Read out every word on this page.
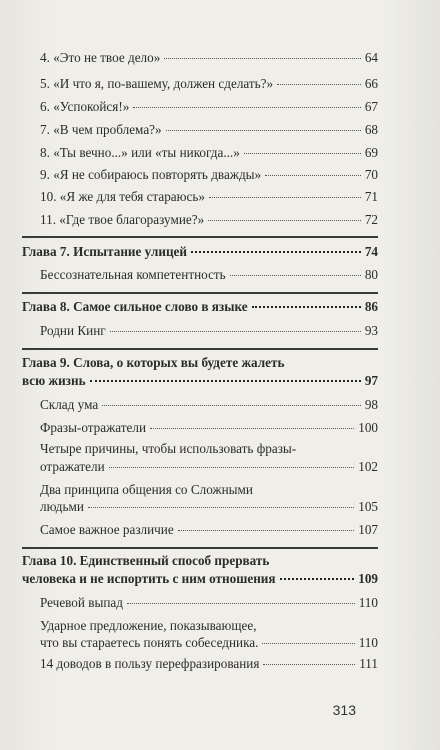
4. «Это не твое дело»	64
5. «И что я, по-вашему, должен сделать?»	66
6. «Успокойся!»	67
7. «В чем проблема?»	68
8. «Ты вечно...» или «ты никогда...»	69
9. «Я не собираюсь повторять дважды»	70
10. «Я же для тебя стараюсь»	71
11. «Где твое благоразумие?»	72
Глава 7. Испытание улицей	74
Бессознательная компетентность	80
Глава 8. Самое сильное слово в языке	86
Родни Кинг	93
Глава 9. Слова, о которых вы будете жалеть
всю жизнь	97
Склад ума	98
Фразы-отражатели	100
Четыре причины, чтобы использовать фразы-
отражатели	102
Два принципа общения со Сложными
людьми	105
Самое важное различие	107
Глава 10. Единственный способ прервать
человека и не испортить с ним отношения	109
Речевой выпад	110
Ударное предложение, показывающее,
что вы стараетесь понять собеседника.	110
14 доводов в пользу перефразирования	111
313
